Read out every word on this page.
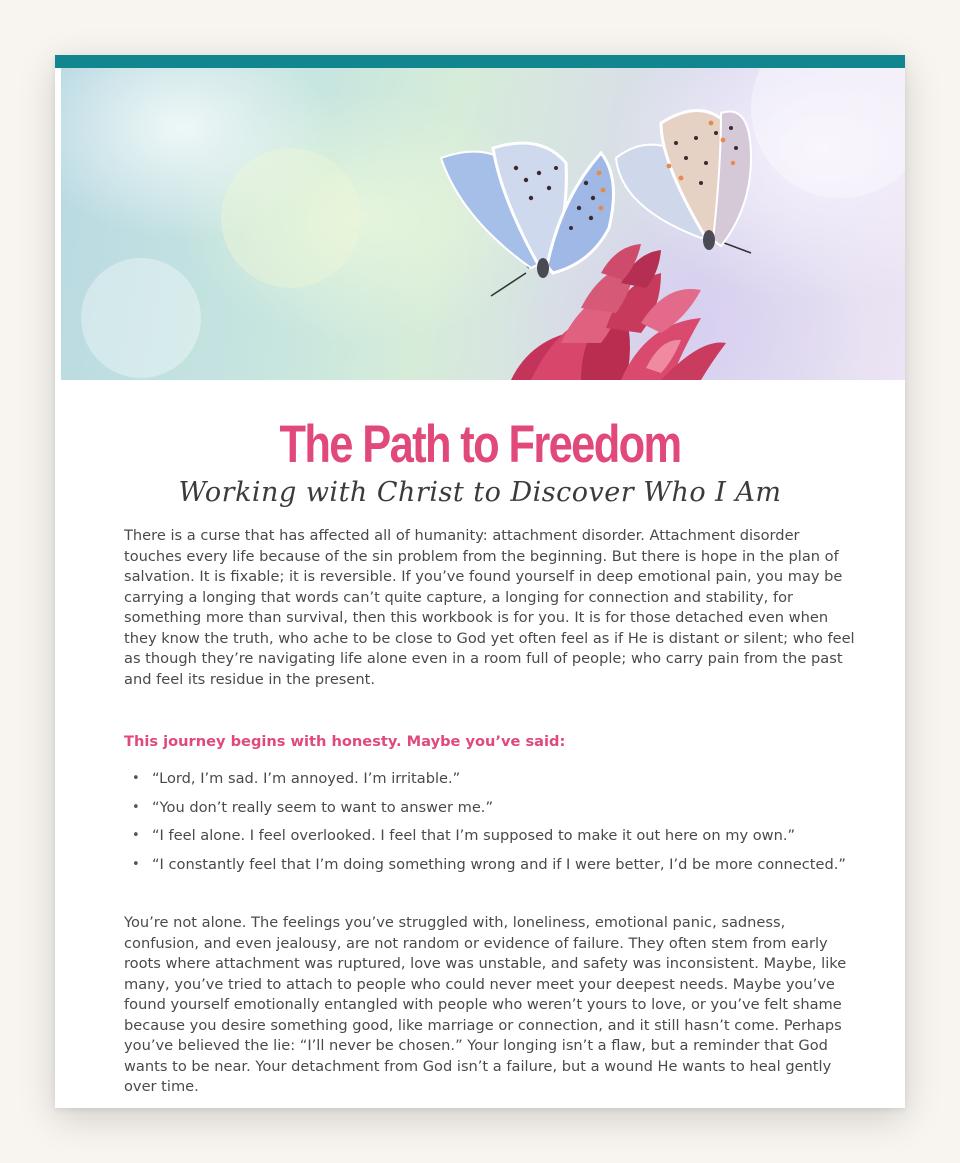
The Path to Freedom
Working with Christ to Discover Who I Am

There is a curse that has affected all of humanity: attachment disorder. Attachment disorder touches every life because of the sin problem from the beginning. But there is hope in the plan of salvation. It is fixable; it is reversible. If you’ve found yourself in deep emotional pain, you may be carrying a longing that words can’t quite capture, a longing for connection and stability, for something more than survival, then this workbook is for you. It is for those detached even when they know the truth, who ache to be close to God yet often feel as if He is distant or silent; who feel as though they’re navigating life alone even in a room full of people; who carry pain from the past and feel its residue in the present.

This journey begins with honesty. Maybe you’ve said:

• “Lord, I’m sad. I’m annoyed. I’m irritable.”
• “You don’t really seem to want to answer me.”
• “I feel alone. I feel overlooked. I feel that I’m supposed to make it out here on my own.”
• “I constantly feel that I’m doing something wrong and if I were better, I’d be more connected.”

You’re not alone. The feelings you’ve struggled with, loneliness, emotional panic, sadness, confusion, and even jealousy, are not random or evidence of failure. They often stem from early roots where attachment was ruptured, love was unstable, and safety was inconsistent. Maybe, like many, you’ve tried to attach to people who could never meet your deepest needs. Maybe you’ve found yourself emotionally entangled with people who weren’t yours to love, or you’ve felt shame because you desire something good, like marriage or connection, and it still hasn’t come. Perhaps you’ve believed the lie: “I’ll never be chosen.” Your longing isn’t a flaw, but a reminder that God wants to be near. Your detachment from God isn’t a failure, but a wound He wants to heal gently over time.
